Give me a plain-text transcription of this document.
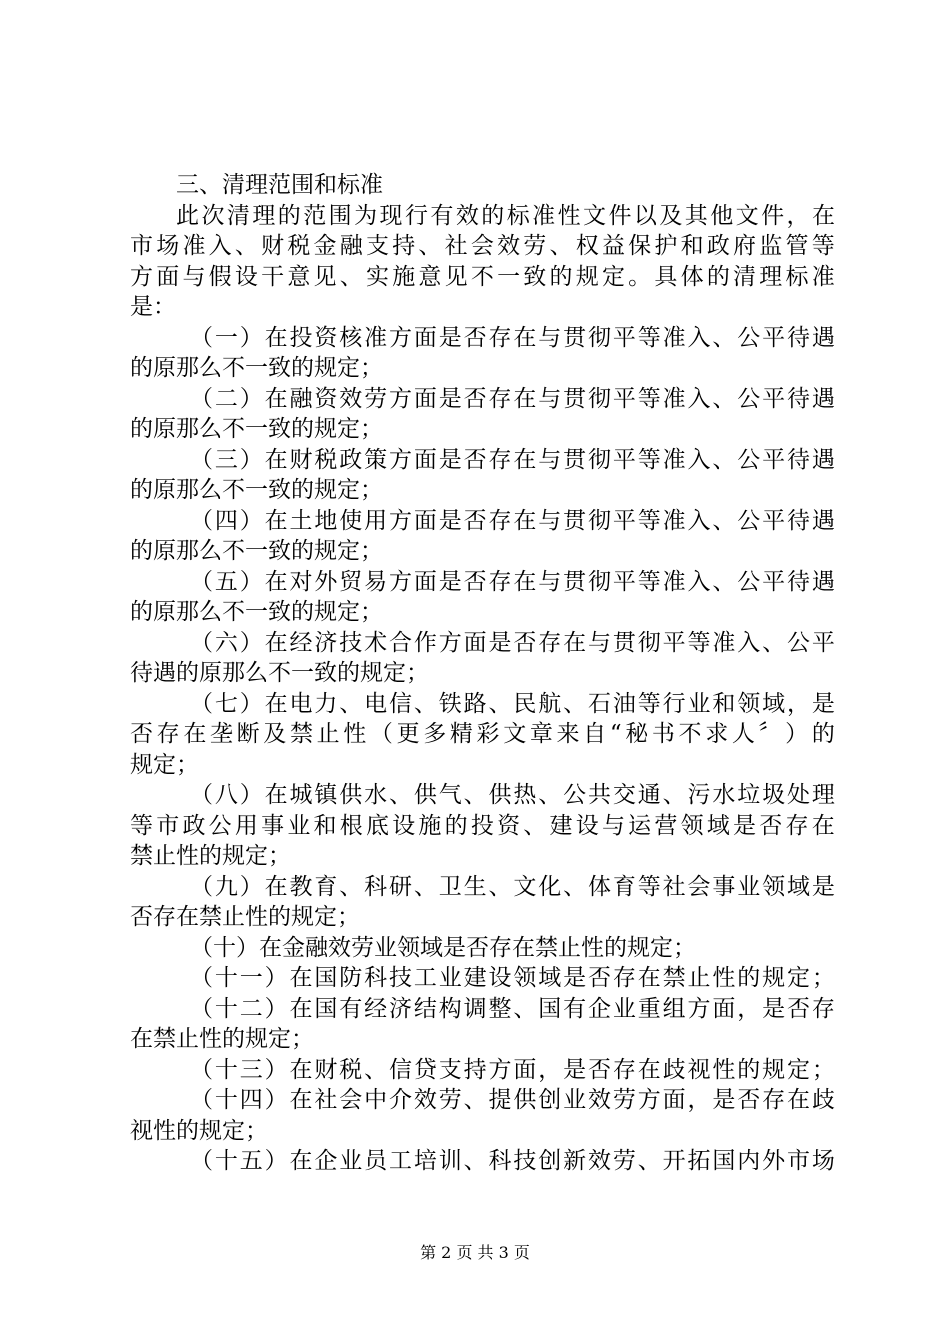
三、清理范围和标准
此 次 清 理 的 范 围 为 现 行 有 效 的 标 准 性 文 件 以 及 其 他 文 件 ， 在
市 场 准 入 、 财 税 金 融 支 持 、 社 会 效 劳 、 权 益 保 护 和 政 府 监 管 等
方 面 与 假 设 干 意 见 、 实 施 意 见 不 一 致 的 规 定 。 具 体 的 清 理 标 准
是：
（ 一 ） 在 投 资 核 准 方 面 是 否 存 在 与 贯 彻 平 等 准 入 、 公 平 待 遇
的原那么不一致的规定；
（ 二 ） 在 融 资 效 劳 方 面 是 否 存 在 与 贯 彻 平 等 准 入 、 公 平 待 遇
的原那么不一致的规定；
（ 三 ） 在 财 税 政 策 方 面 是 否 存 在 与 贯 彻 平 等 准 入 、 公 平 待 遇
的原那么不一致的规定；
（ 四 ） 在 土 地 使 用 方 面 是 否 存 在 与 贯 彻 平 等 准 入 、 公 平 待 遇
的原那么不一致的规定；
（ 五 ） 在 对 外 贸 易 方 面 是 否 存 在 与 贯 彻 平 等 准 入 、 公 平 待 遇
的原那么不一致的规定；
（ 六 ） 在 经 济 技 术 合 作 方 面 是 否 存 在 与 贯 彻 平 等 准 入 、 公 平
待遇的原那么不一致的规定；
（ 七 ） 在 电 力 、 电 信 、 铁 路 、 民 航 、 石 油 等 行 业 和 领 域 ， 是
否 存 在 垄 断 及 禁 止 性 （ 更 多 精 彩 文 章 来 自 “ 秘 书 不 求 人 〞 ） 的
规定；
（ 八 ） 在 城 镇 供 水 、 供 气 、 供 热 、 公 共 交 通 、 污 水 垃 圾 处 理
等 市 政 公 用 事 业 和 根 底 设 施 的 投 资 、 建 设 与 运 营 领 域 是 否 存 在
禁止性的规定；
（ 九 ） 在 教 育 、 科 研 、 卫 生 、 文 化 、 体 育 等 社 会 事 业 领 域 是
否存在禁止性的规定；
（十）在金融效劳业领域是否存在禁止性的规定；
（ 十 一 ） 在 国 防 科 技 工 业 建 设 领 域 是 否 存 在 禁 止 性 的 规 定 ；
（ 十 二 ） 在 国 有 经 济 结 构 调 整 、 国 有 企 业 重 组 方 面 ， 是 否 存
在禁止性的规定；
（ 十 三 ） 在 财 税 、 信 贷 支 持 方 面 ， 是 否 存 在 歧 视 性 的 规 定 ；
（ 十 四 ） 在 社 会 中 介 效 劳 、 提 供 创 业 效 劳 方 面 ， 是 否 存 在 歧
视性的规定；
（ 十 五 ） 在 企 业 员 工 培 训 、 科 技 创 新 效 劳 、 开 拓 国 内 外 市 场
第 2 页 共 3 页
